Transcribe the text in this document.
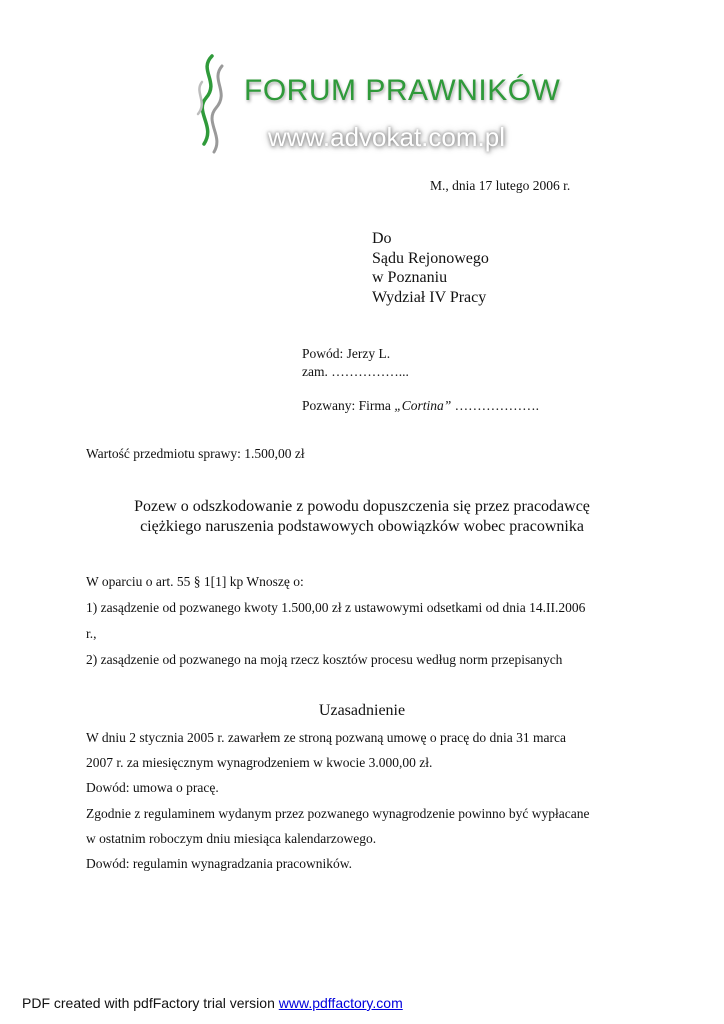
FORUM PRAWNIKÓW
www.advokat.com.pl
M., dnia 17 lutego 2006 r.
Do
Sądu Rejonowego
w Poznaniu
Wydział IV Pracy
Powód: Jerzy L.
zam. ……………...
Pozwany: Firma „Cortina” ……………….
Wartość przedmiotu sprawy: 1.500,00 zł
Pozew o odszkodowanie z powodu dopuszczenia się przez pracodawcę
ciężkiego naruszenia podstawowych obowiązków wobec pracownika
W oparciu o art. 55 § 1[1] kp Wnoszę o:
1) zasądzenie od pozwanego kwoty 1.500,00 zł z ustawowymi odsetkami od dnia 14.II.2006
r.,
2) zasądzenie od pozwanego na moją rzecz kosztów procesu według norm przepisanych
Uzasadnienie
W dniu 2 stycznia 2005 r. zawarłem ze stroną pozwaną umowę o pracę do dnia 31 marca
2007 r. za miesięcznym wynagrodzeniem w kwocie 3.000,00 zł.
Dowód: umowa o pracę.
Zgodnie z regulaminem wydanym przez pozwanego wynagrodzenie powinno być wypłacane
w ostatnim roboczym dniu miesiąca kalendarzowego.
Dowód: regulamin wynagradzania pracowników.
PDF created with pdfFactory trial version www.pdffactory.com
